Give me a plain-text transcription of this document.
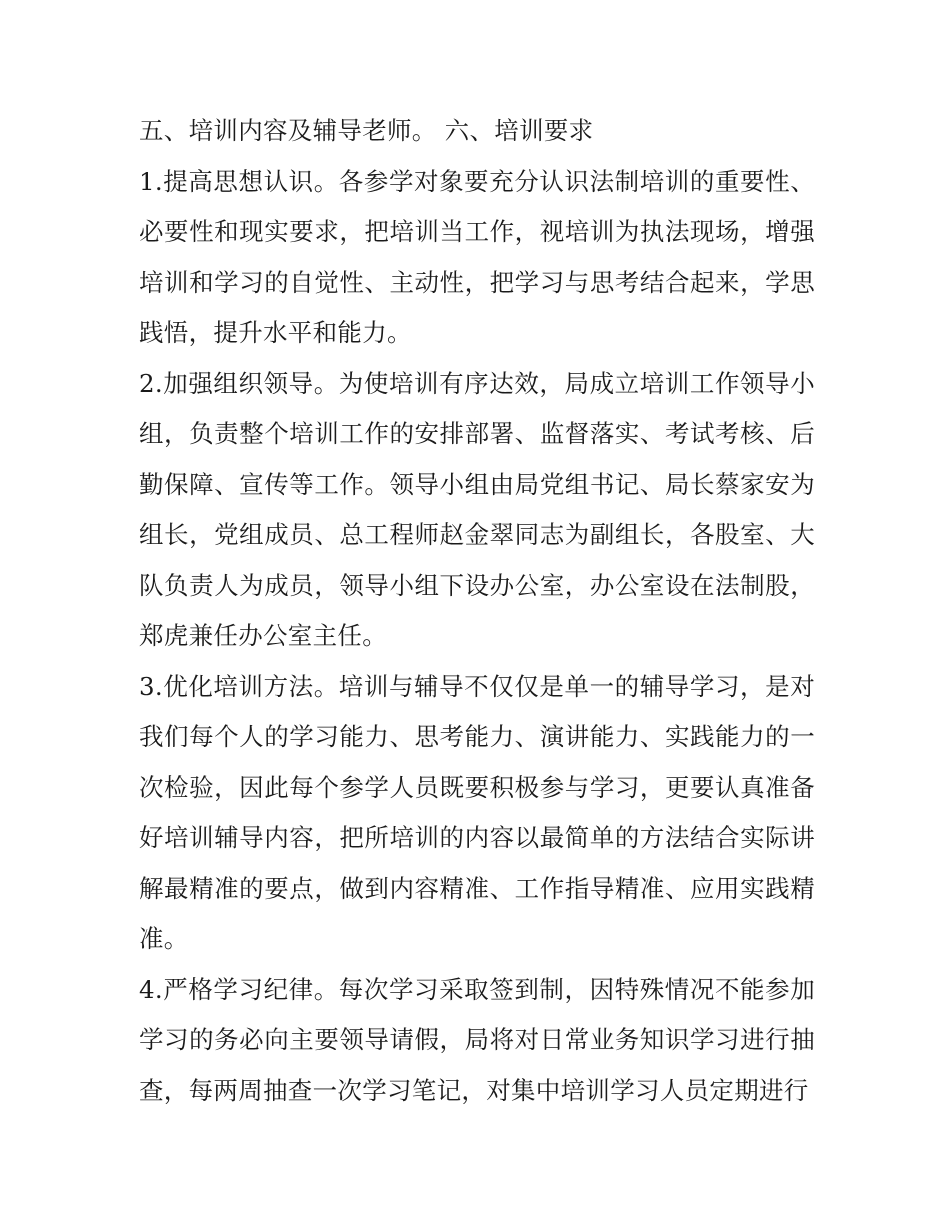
五、培训内容及辅导老师。 六、培训要求

1.提高思想认识。各参学对象要充分认识法制培训的重要性、必要性和现实要求，把培训当工作，视培训为执法现场，增强培训和学习的自觉性、主动性，把学习与思考结合起来，学思践悟，提升水平和能力。

2.加强组织领导。为使培训有序达效，局成立培训工作领导小组，负责整个培训工作的安排部署、监督落实、考试考核、后勤保障、宣传等工作。领导小组由局党组书记、局长蔡家安为组长，党组成员、总工程师赵金翠同志为副组长，各股室、大队负责人为成员，领导小组下设办公室，办公室设在法制股，郑虎兼任办公室主任。

3.优化培训方法。培训与辅导不仅仅是单一的辅导学习，是对我们每个人的学习能力、思考能力、演讲能力、实践能力的一次检验，因此每个参学人员既要积极参与学习，更要认真准备好培训辅导内容，把所培训的内容以最简单的方法结合实际讲解最精准的要点，做到内容精准、工作指导精准、应用实践精准。

4.严格学习纪律。每次学习采取签到制，因特殊情况不能参加学习的务必向主要领导请假，局将对日常业务知识学习进行抽查，每两周抽查一次学习笔记，对集中培训学习人员定期进行
